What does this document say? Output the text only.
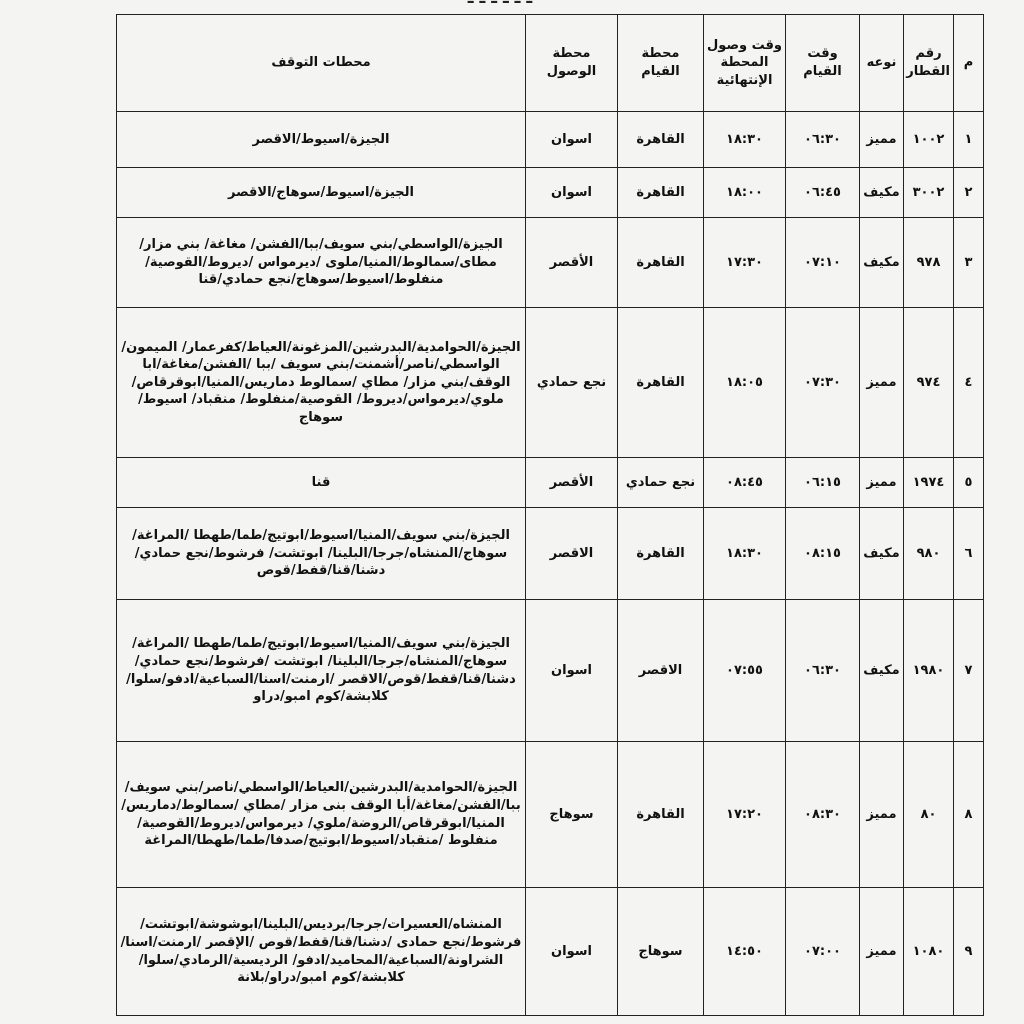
م	رقم القطار	نوعه	وقت القيام	وقت وصول المحطة الإنتهائية	محطة القيام	محطة الوصول	محطات التوقف
١	١٠٠٢	مميز	٠٦:٣٠	١٨:٣٠	القاهرة	اسوان	الجيزة/اسيوط/الاقصر
٢	٣٠٠٢	مكيف	٠٦:٤٥	١٨:٠٠	القاهرة	اسوان	الجيزة/اسيوط/سوهاج/الاقصر
٣	٩٧٨	مكيف	٠٧:١٠	١٧:٣٠	القاهرة	الأقصر	الجيزة/الواسطي/بني سويف/ببا/الفشن/ مغاغة/ بني مزار/مطاى/سمالوط/المنيا/ملوى /ديرمواس /ديروط/القوصية/منفلوط/اسيوط/سوهاج/نجع حمادي/قنا
٤	٩٧٤	مميز	٠٧:٣٠	١٨:٠٥	القاهرة	نجع حمادي	الجيزة/الحوامدية/البدرشين/المزغونة/العياط/كفرعمار/ الميمون/الواسطي/ناصر/أشمنت/بني سويف /ببا /الفشن/مغاغة/ابا الوقف/بني مزار/ مطاي /سمالوط دماريس/المنيا/ابوقرقاص/ملوي/ديرمواس/ديروط/ القوصية/منفلوط/ منقباد/ اسيوط/سوهاج
٥	١٩٧٤	مميز	٠٦:١٥	٠٨:٤٥	نجع حمادي	الأقصر	قنا
٦	٩٨٠	مكيف	٠٨:١٥	١٨:٣٠	القاهرة	الاقصر	الجيزة/بني سويف/المنيا/اسيوط/ابوتيج/طما/طهطا /المراغة/سوهاج/المنشاه/جرجا/البلينا/ ابوتشت/ فرشوط/نجع حمادي/دشنا/قنا/قفط/قوص
٧	١٩٨٠	مكيف	٠٦:٣٠	٠٧:٥٥	الاقصر	اسوان	الجيزة/بني سويف/المنيا/اسيوط/ابوتيج/طما/طهطا /المراغة/سوهاج/المنشاه/جرجا/البلينا/ ابوتشت /فرشوط/نجع حمادي/دشنا/قنا/قفط/قوص/الاقصر /ارمنت/اسنا/السباعية/ادفو/سلوا/كلابشة/كوم امبو/دراو
٨	٨٠	مميز	٠٨:٣٠	١٧:٢٠	القاهرة	سوهاج	الجيزة/الحوامدية/البدرشين/العياط/الواسطي/ناصر/بني سويف/ببا/الفشن/مغاغة/أبا الوقف بنى مزار /مطاي /سمالوط/دماريس/المنيا/ابوقرقاص/الروضة/ملوي/ ديرمواس/ديروط/القوصية/ منفلوط /منقباد/اسيوط/ابوتيج/صدفا/طما/طهطا/المراغة
٩	١٠٨٠	مميز	٠٧:٠٠	١٤:٥٠	سوهاج	اسوان	المنشاه/العسيرات/جرجا/برديس/البلينا/ابوشوشة/ابوتشت/ فرشوط/نجع حمادى /دشنا/قنا/قفط/قوص /الإقصر /ارمنت/اسنا/الشراونة/السباعية/المحاميد/ادفو/ الرديسية/الرمادي/سلوا/كلابشة/كوم امبو/دراو/بلانة
